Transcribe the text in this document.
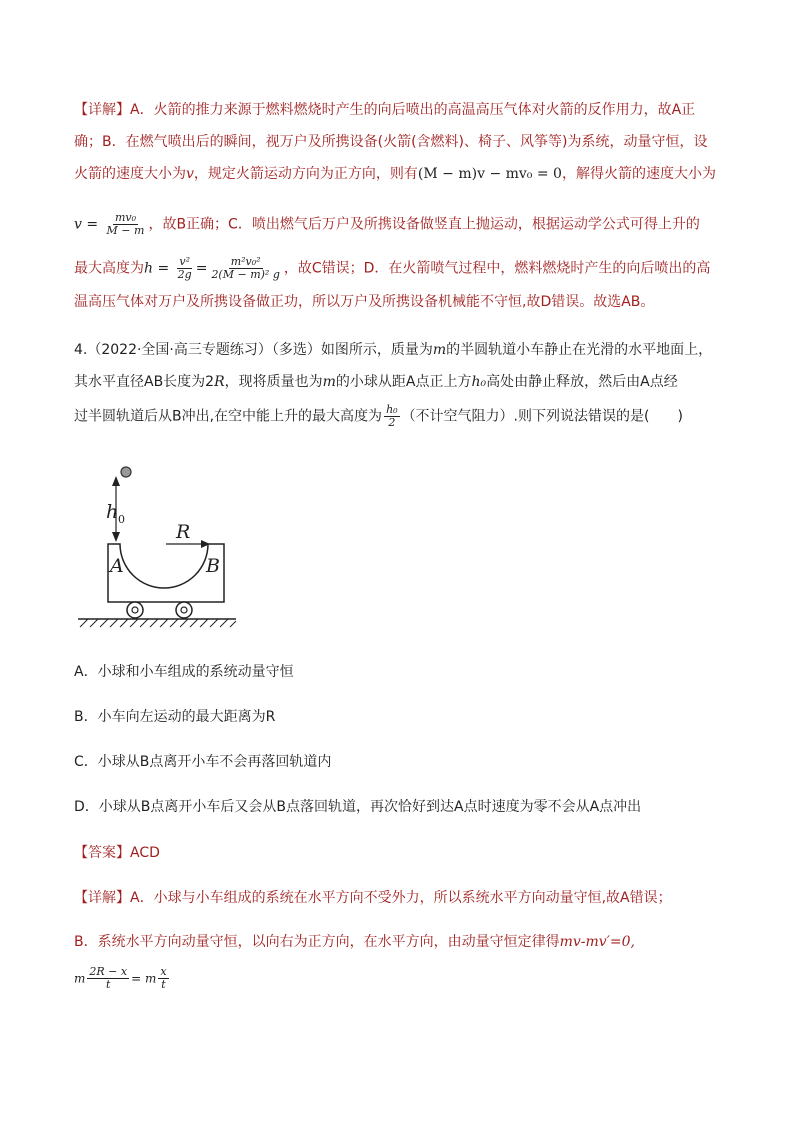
【详解】A．火箭的推力来源于燃料燃烧时产生的向后喷出的高温高压气体对火箭的反作用力，故A正
确；B．在燃气喷出后的瞬间，视万户及所携设备(火箭(含燃料)、椅子、风筝等)为系统，动量守恒，设
火箭的速度大小为v，规定火箭运动方向为正方向，则有(M − m)v − mv₀ = 0，解得火箭的速度大小为
$v = \frac{\text{mv₀}}{M - m}$ ，故B正确；C．喷出燃气后万户及所携设备做竖直上抛运动，根据运动学公式可得上升的
最大高度为$h = \frac{\text{v²}}{2g} = \frac{\text{m²v₀²}}{\text{2(M − m)² g}}$ ，故C错误；D．在火箭喷气过程中，燃料燃烧时产生的向后喷出的高
温高压气体对万户及所携设备做正功，所以万户及所携设备机械能不守恒,故D错误。故选AB。
4.（2022·全国·高三专题练习）（多选）如图所示，质量为m的半圆轨道小车静止在光滑的水平地面上，
其水平直径AB长度为2R，现将质量也为m的小球从距A点正上方h₀高处由静止释放，然后由A点经
过半圆轨道后从B冲出,在空中能上升的最大高度为 $\frac{\text{h₀}}{2}$ （不计空气阻力）.则下列说法错误的是(　　)
h 0
R
A	B
A．小球和小车组成的系统动量守恒
B．小车向左运动的最大距离为R
C．小球从B点离开小车不会再落回轨道内
D．小球从B点离开小车后又会从B点落回轨道，再次恰好到达A点时速度为零不会从A点冲出
【答案】ACD
【详解】A．小球与小车组成的系统在水平方向不受外力，所以系统水平方向动量守恒,故A错误；
B．系统水平方向动量守恒，以向右为正方向，在水平方向，由动量守恒定律得mv-mv′=0,
m $\frac{2R - x}{t} = m \frac{x}{t}$
